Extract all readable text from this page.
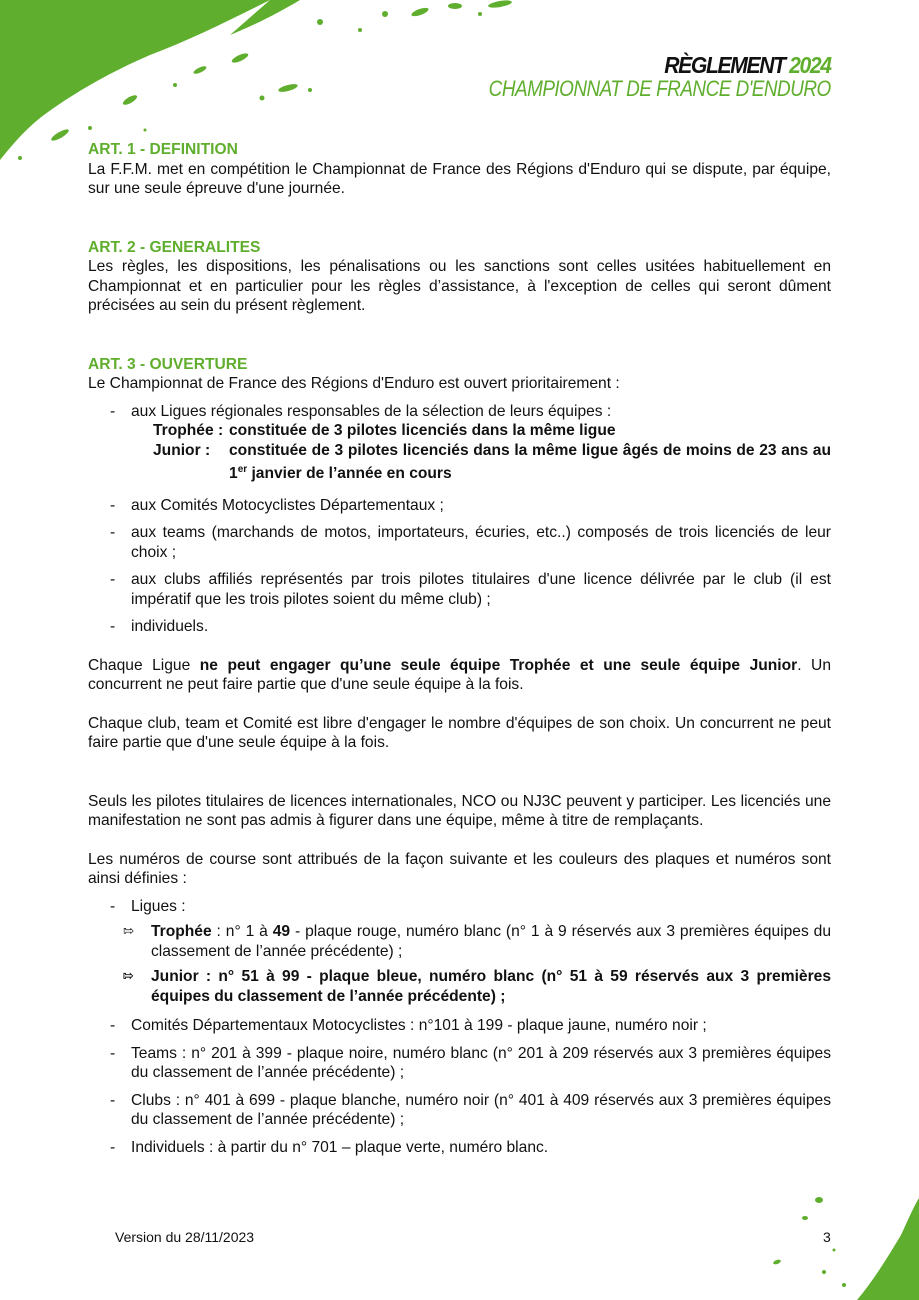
RÈGLEMENT 2024
CHAMPIONNAT DE FRANCE D'ENDURO
ART. 1 - DEFINITION

La F.F.M. met en compétition le Championnat de France des Régions d'Enduro qui se dispute, par équipe, sur une seule épreuve d'une journée.

ART. 2 - GENERALITES

Les règles, les dispositions, les pénalisations ou les sanctions sont celles usitées habituellement en Championnat et en particulier pour les règles d’assistance, à l'exception de celles qui seront dûment précisées au sein du présent règlement.

ART. 3 - OUVERTURE

Le Championnat de France des Régions d'Enduro est ouvert prioritairement :

- aux Ligues régionales responsables de la sélection de leurs équipes :
Trophée : constituée de 3 pilotes licenciés dans la même ligue
Junior :	constituée de 3 pilotes licenciés dans la même ligue âgés de moins de 23 ans au 1er janvier de l’année en cours
- aux Comités Motocyclistes Départementaux ;
- aux teams (marchands de motos, importateurs, écuries, etc..) composés de trois licenciés de leur choix ;
- aux clubs affiliés représentés par trois pilotes titulaires d'une licence délivrée par le club (il est impératif que les trois pilotes soient du même club) ;
- individuels.

Chaque Ligue ne peut engager qu’une seule équipe Trophée et une seule équipe Junior. Un concurrent ne peut faire partie que d'une seule équipe à la fois.

Chaque club, team et Comité est libre d'engager le nombre d'équipes de son choix. Un concurrent ne peut faire partie que d'une seule équipe à la fois.

Seuls les pilotes titulaires de licences internationales, NCO ou NJ3C peuvent y participer. Les licenciés une manifestation ne sont pas admis à figurer dans une équipe, même à titre de remplaçants.

Les numéros de course sont attribués de la façon suivante et les couleurs des plaques et numéros sont ainsi définies :

- Ligues :
⇰ Trophée : n° 1 à 49 - plaque rouge, numéro blanc (n° 1 à 9 réservés aux 3 premières équipes du classement de l’année précédente) ;
⇰ Junior : n° 51 à 99 - plaque bleue, numéro blanc (n° 51 à 59 réservés aux 3 premières équipes du classement de l’année précédente) ;
- Comités Départementaux Motocyclistes : n°101 à 199 - plaque jaune, numéro noir ;
- Teams : n° 201 à 399 - plaque noire, numéro blanc (n° 201 à 209 réservés aux 3 premières équipes du classement de l’année précédente) ;
- Clubs : n° 401 à 699 - plaque blanche, numéro noir (n° 401 à 409 réservés aux 3 premières équipes du classement de l’année précédente) ;
- Individuels : à partir du n° 701 – plaque verte, numéro blanc.
Version du 28/11/2023	3
